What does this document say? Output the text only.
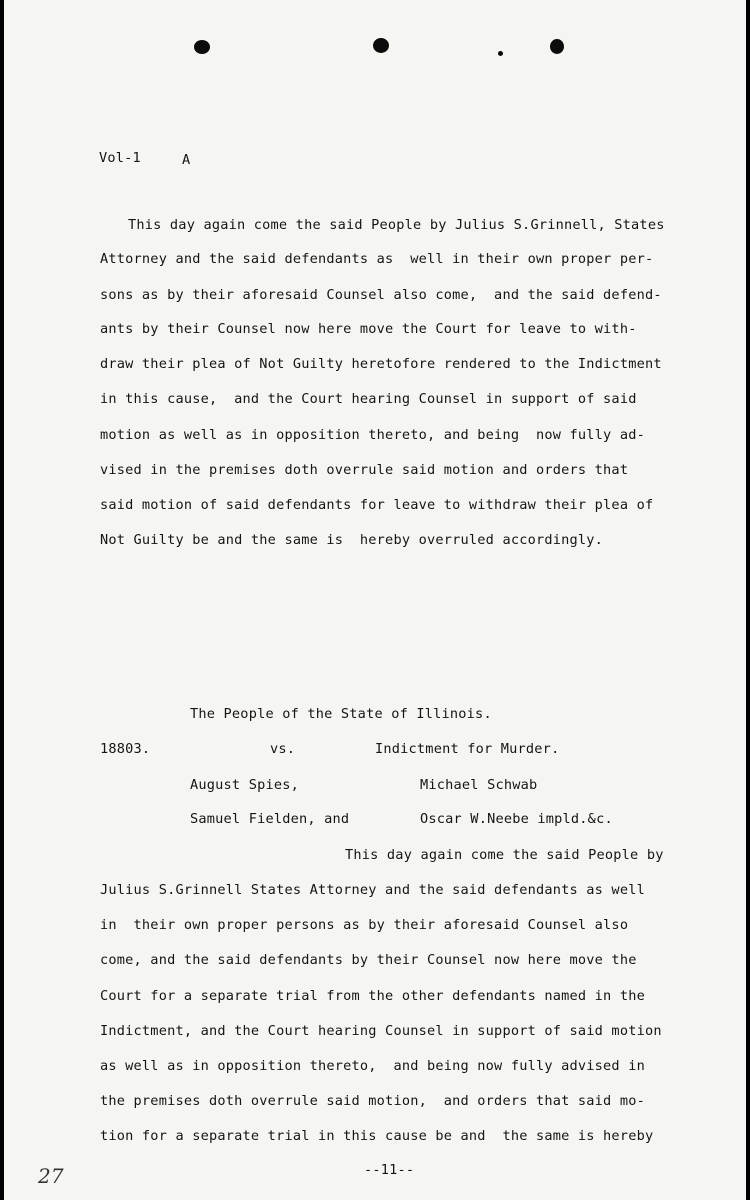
Vol-1	A
This day again come the said People by Julius S.Grinnell, States
Attorney and the said defendants as  well in their own proper per-
sons as by their aforesaid Counsel also come,  and the said defend-
ants by their Counsel now here move the Court for leave to with-
draw their plea of Not Guilty heretofore rendered to the Indictment
in this cause,  and the Court hearing Counsel in support of said
motion as well as in opposition thereto, and being  now fully ad-
vised in the premises doth overrule said motion and orders that
said motion of said defendants for leave to withdraw their plea of
Not Guilty be and the same is  hereby overruled accordingly.
The People of the State of Illinois.
18803.	vs.	Indictment for Murder.
August Spies,	Michael Schwab
Samuel Fielden, and	Oscar W.Neebe impld.&c.
This day again come the said People by
Julius S.Grinnell States Attorney and the said defendants as well
in  their own proper persons as by their aforesaid Counsel also
come, and the said defendants by their Counsel now here move the
Court for a separate trial from the other defendants named in the
Indictment, and the Court hearing Counsel in support of said motion
as well as in opposition thereto,  and being now fully advised in
the premises doth overrule said motion,  and orders that said mo-
tion for a separate trial in this cause be and  the same is hereby
27	--11--
